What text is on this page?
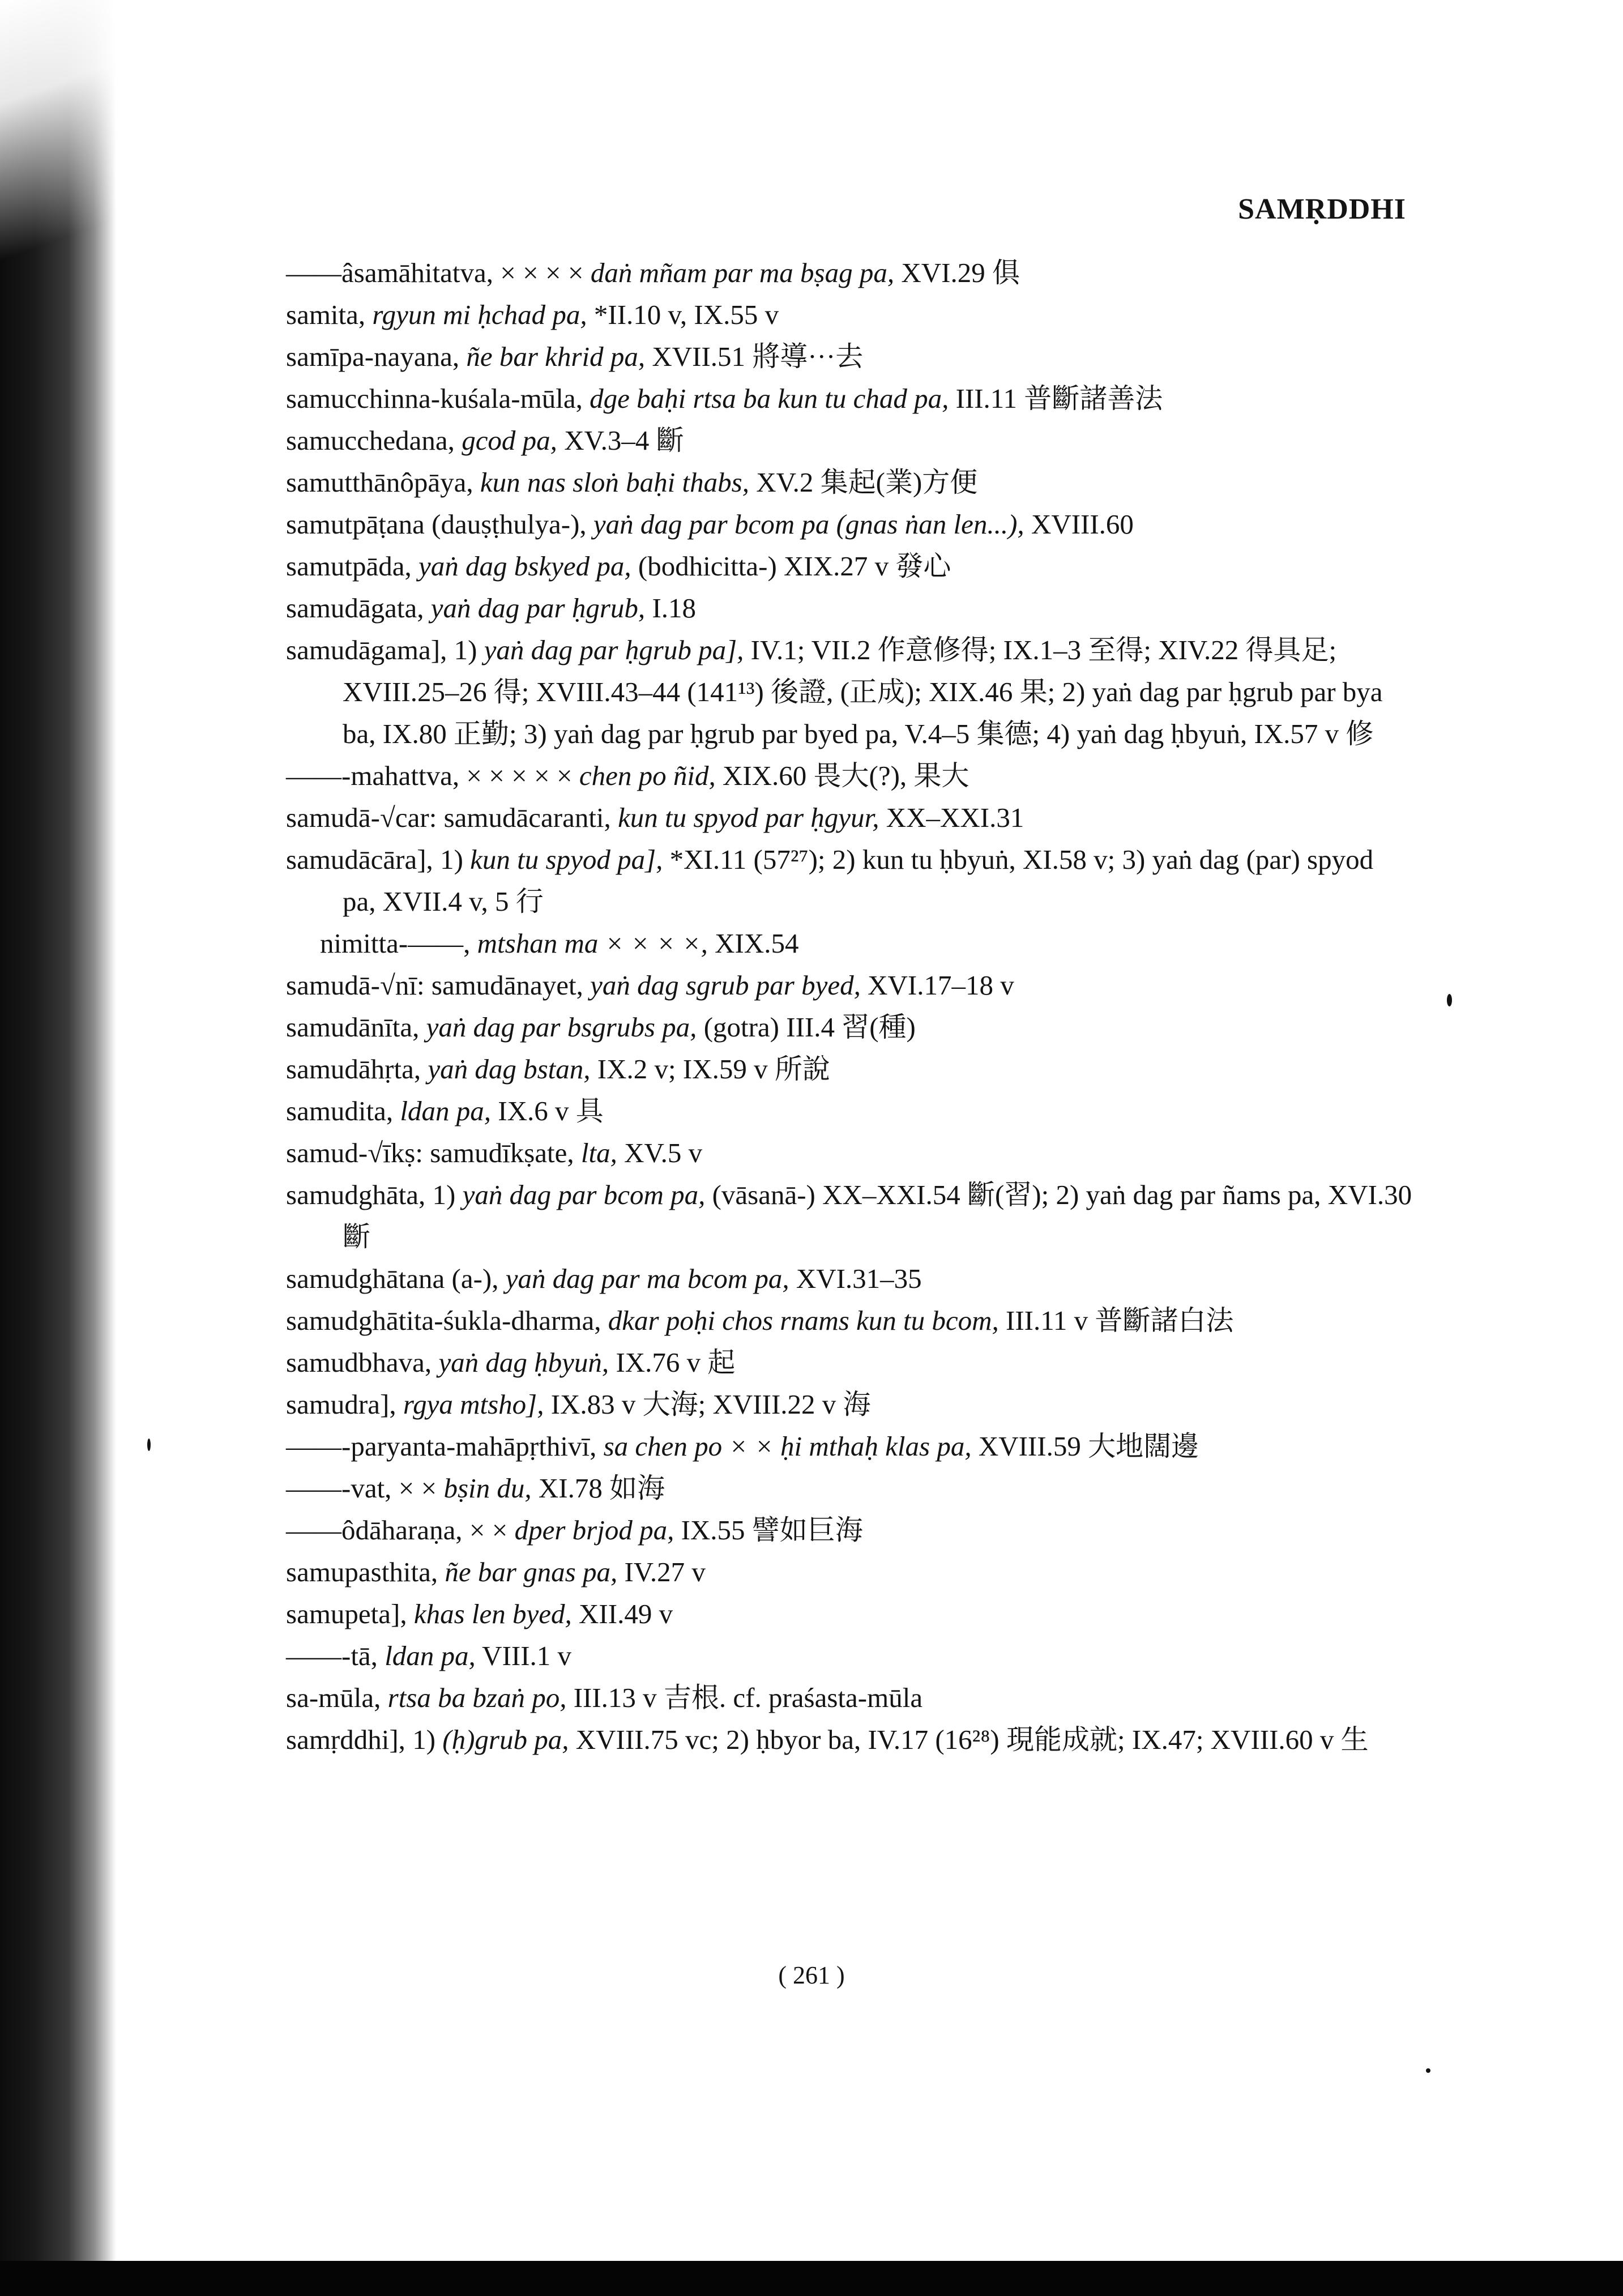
SAMṚDDHI

——âsamāhitatva, × × × × daṅ mñam par ma bṣag pa, XVI.29 俱

samita, rgyun mi ḥchad pa, *II.10 v, IX.55 v

samīpa-nayana, ñe bar khrid pa, XVII.51 將導···去

samucchinna-kuśala-mūla, dge baḥi rtsa ba kun tu chad pa, III.11 普斷諸善法

samucchedana, gcod pa, XV.3–4 斷

samutthānôpāya, kun nas sloṅ baḥi thabs, XV.2 集起(業)方便

samutpāṭana (dauṣṭhulya-), yaṅ dag par bcom pa (gnas ṅan len...), XVIII.60

samutpāda, yaṅ dag bskyed pa, (bodhicitta-) XIX.27 v 發心

samudāgata, yaṅ dag par ḥgrub, I.18

samudāgama], 1) yaṅ dag par ḥgrub pa], IV.1; VII.2 作意修得; IX.1–3 至得; XIV.22 得具足; XVIII.25–26 得; XVIII.43–44 (141¹³) 後證, (正成); XIX.46 果; 2) yaṅ dag par ḥgrub par bya ba, IX.80 正勤; 3) yaṅ dag par ḥgrub par byed pa, V.4–5 集德; 4) yaṅ dag ḥbyuṅ, IX.57 v 修

——-mahattva, × × × × × chen po ñid, XIX.60 畏大(?), 果大

samudā-√car: samudācaranti, kun tu spyod par ḥgyur, XX–XXI.31

samudācāra], 1) kun tu spyod pa], *XI.11 (57²⁷); 2) kun tu ḥbyuṅ, XI.58 v; 3) yaṅ dag (par) spyod pa, XVII.4 v, 5 行

nimitta-——, mtshan ma × × × ×, XIX.54

samudā-√nī: samudānayet, yaṅ dag sgrub par byed, XVI.17–18 v

samudānīta, yaṅ dag par bsgrubs pa, (gotra) III.4 習(種)

samudāhṛta, yaṅ dag bstan, IX.2 v; IX.59 v 所說

samudita, ldan pa, IX.6 v 具

samud-√īkṣ: samudīkṣate, lta, XV.5 v

samudghāta, 1) yaṅ dag par bcom pa, (vāsanā-) XX–XXI.54 斷(習); 2) yaṅ dag par ñams pa, XVI.30 斷

samudghātana (a-), yaṅ dag par ma bcom pa, XVI.31–35

samudghātita-śukla-dharma, dkar poḥi chos rnams kun tu bcom, III.11 v 普斷諸白法

samudbhava, yaṅ dag ḥbyuṅ, IX.76 v 起

samudra], rgya mtsho], IX.83 v 大海; XVIII.22 v 海

——-paryanta-mahāpṛthivī, sa chen po × × ḥi mthaḥ klas pa, XVIII.59 大地闊邊

——-vat, × × bṣin du, XI.78 如海

——ôdāharaṇa, × × dper brjod pa, IX.55 譬如巨海

samupasthita, ñe bar gnas pa, IV.27 v

samupeta], khas len byed, XII.49 v

——-tā, ldan pa, VIII.1 v

sa-mūla, rtsa ba bzaṅ po, III.13 v 吉根. cf. praśasta-mūla

samṛddhi], 1) (ḥ)grub pa, XVIII.75 vc; 2) ḥbyor ba, IV.17 (16²⁸) 現能成就; IX.47; XVIII.60 v 生

( 261 )
